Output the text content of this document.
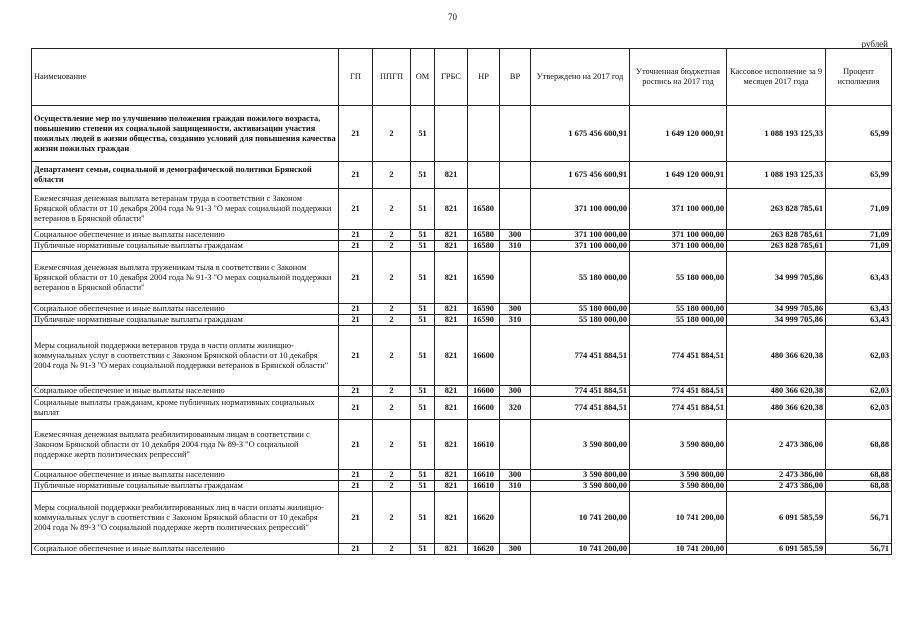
70
рублей
Наименование	ГП	ППГП	ОМ	ГРБС	НР	ВР	Утверждено на 2017 год	Уточненная бюджетная роспись на 2017 год	Кассовое исполнение за 9 месяцев 2017 года	Процент исполнения
Осуществление мер по улучшению положения граждан пожилого возраста, повышению степени их социальной защищенности, активизации участия пожилых людей в жизни общества, созданию условий для повышения качества жизни пожилых граждан	21	2	51				1 675 456 600,91	1 649 120 000,91	1 088 193 125,33	65,99
Департамент семьи, социальной и демографической политики Брянской области	21	2	51	821			1 675 456 600,91	1 649 120 000,91	1 088 193 125,33	65,99
Ежемесячная денежная выплата ветеранам труда в соответствии с Законом Брянской области от 10 декабря 2004 года № 91-З "О мерах социальной поддержки ветеранов в Брянской области"	21	2	51	821	16580		371 100 000,00	371 100 000,00	263 828 785,61	71,09
Социальное обеспечение и иные выплаты населению	21	2	51	821	16580	300	371 100 000,00	371 100 000,00	263 828 785,61	71,09
Публичные нормативные социальные выплаты гражданам	21	2	51	821	16580	310	371 100 000,00	371 100 000,00	263 828 785,61	71,09
Ежемесячная денежная выплата труженикам тыла в соответствии с Законом Брянской области от 10 декабря 2004 года № 91-З "О мерах социальной поддержки ветеранов в Брянской области"	21	2	51	821	16590		55 180 000,00	55 180 000,00	34 999 705,86	63,43
Социальное обеспечение и иные выплаты населению	21	2	51	821	16590	300	55 180 000,00	55 180 000,00	34 999 705,86	63,43
Публичные нормативные социальные выплаты гражданам	21	2	51	821	16590	310	55 180 000,00	55 180 000,00	34 999 705,86	63,43
Меры социальной поддержки ветеранов труда в части оплаты жилищно-коммунальных услуг в соответствии с Законом Брянской области от 10 декабря 2004 года № 91-З "О мерах социальной поддержки ветеранов в Брянской области"	21	2	51	821	16600		774 451 884,51	774 451 884,51	480 366 620,38	62,03
Социальное обеспечение и иные выплаты населению	21	2	51	821	16600	300	774 451 884,51	774 451 884,51	480 366 620,38	62,03
Социальные выплаты гражданам, кроме публичных нормативных социальных выплат	21	2	51	821	16600	320	774 451 884,51	774 451 884,51	480 366 620,38	62,03
Ежемесячная денежная выплата реабилитированным лицам в соответствии с Законом Брянской области от 10 декабря 2004 года № 89-З "О социальной поддержке жертв политических репрессий"	21	2	51	821	16610		3 590 800,00	3 590 800,00	2 473 386,00	68,88
Социальное обеспечение и иные выплаты населению	21	2	51	821	16610	300	3 590 800,00	3 590 800,00	2 473 386,00	68,88
Публичные нормативные социальные выплаты гражданам	21	2	51	821	16610	310	3 590 800,00	3 590 800,00	2 473 386,00	68,88
Меры социальной поддержки реабилитированных лиц в части оплаты жилищно-коммунальных услуг в соответствии с Законом Брянской области от 10 декабря 2004 года № 89-З "О социальной поддержке жертв политических репрессий"	21	2	51	821	16620		10 741 200,00	10 741 200,00	6 091 585,59	56,71
Социальное обеспечение и иные выплаты населению	21	2	51	821	16620	300	10 741 200,00	10 741 200,00	6 091 585,59	56,71
